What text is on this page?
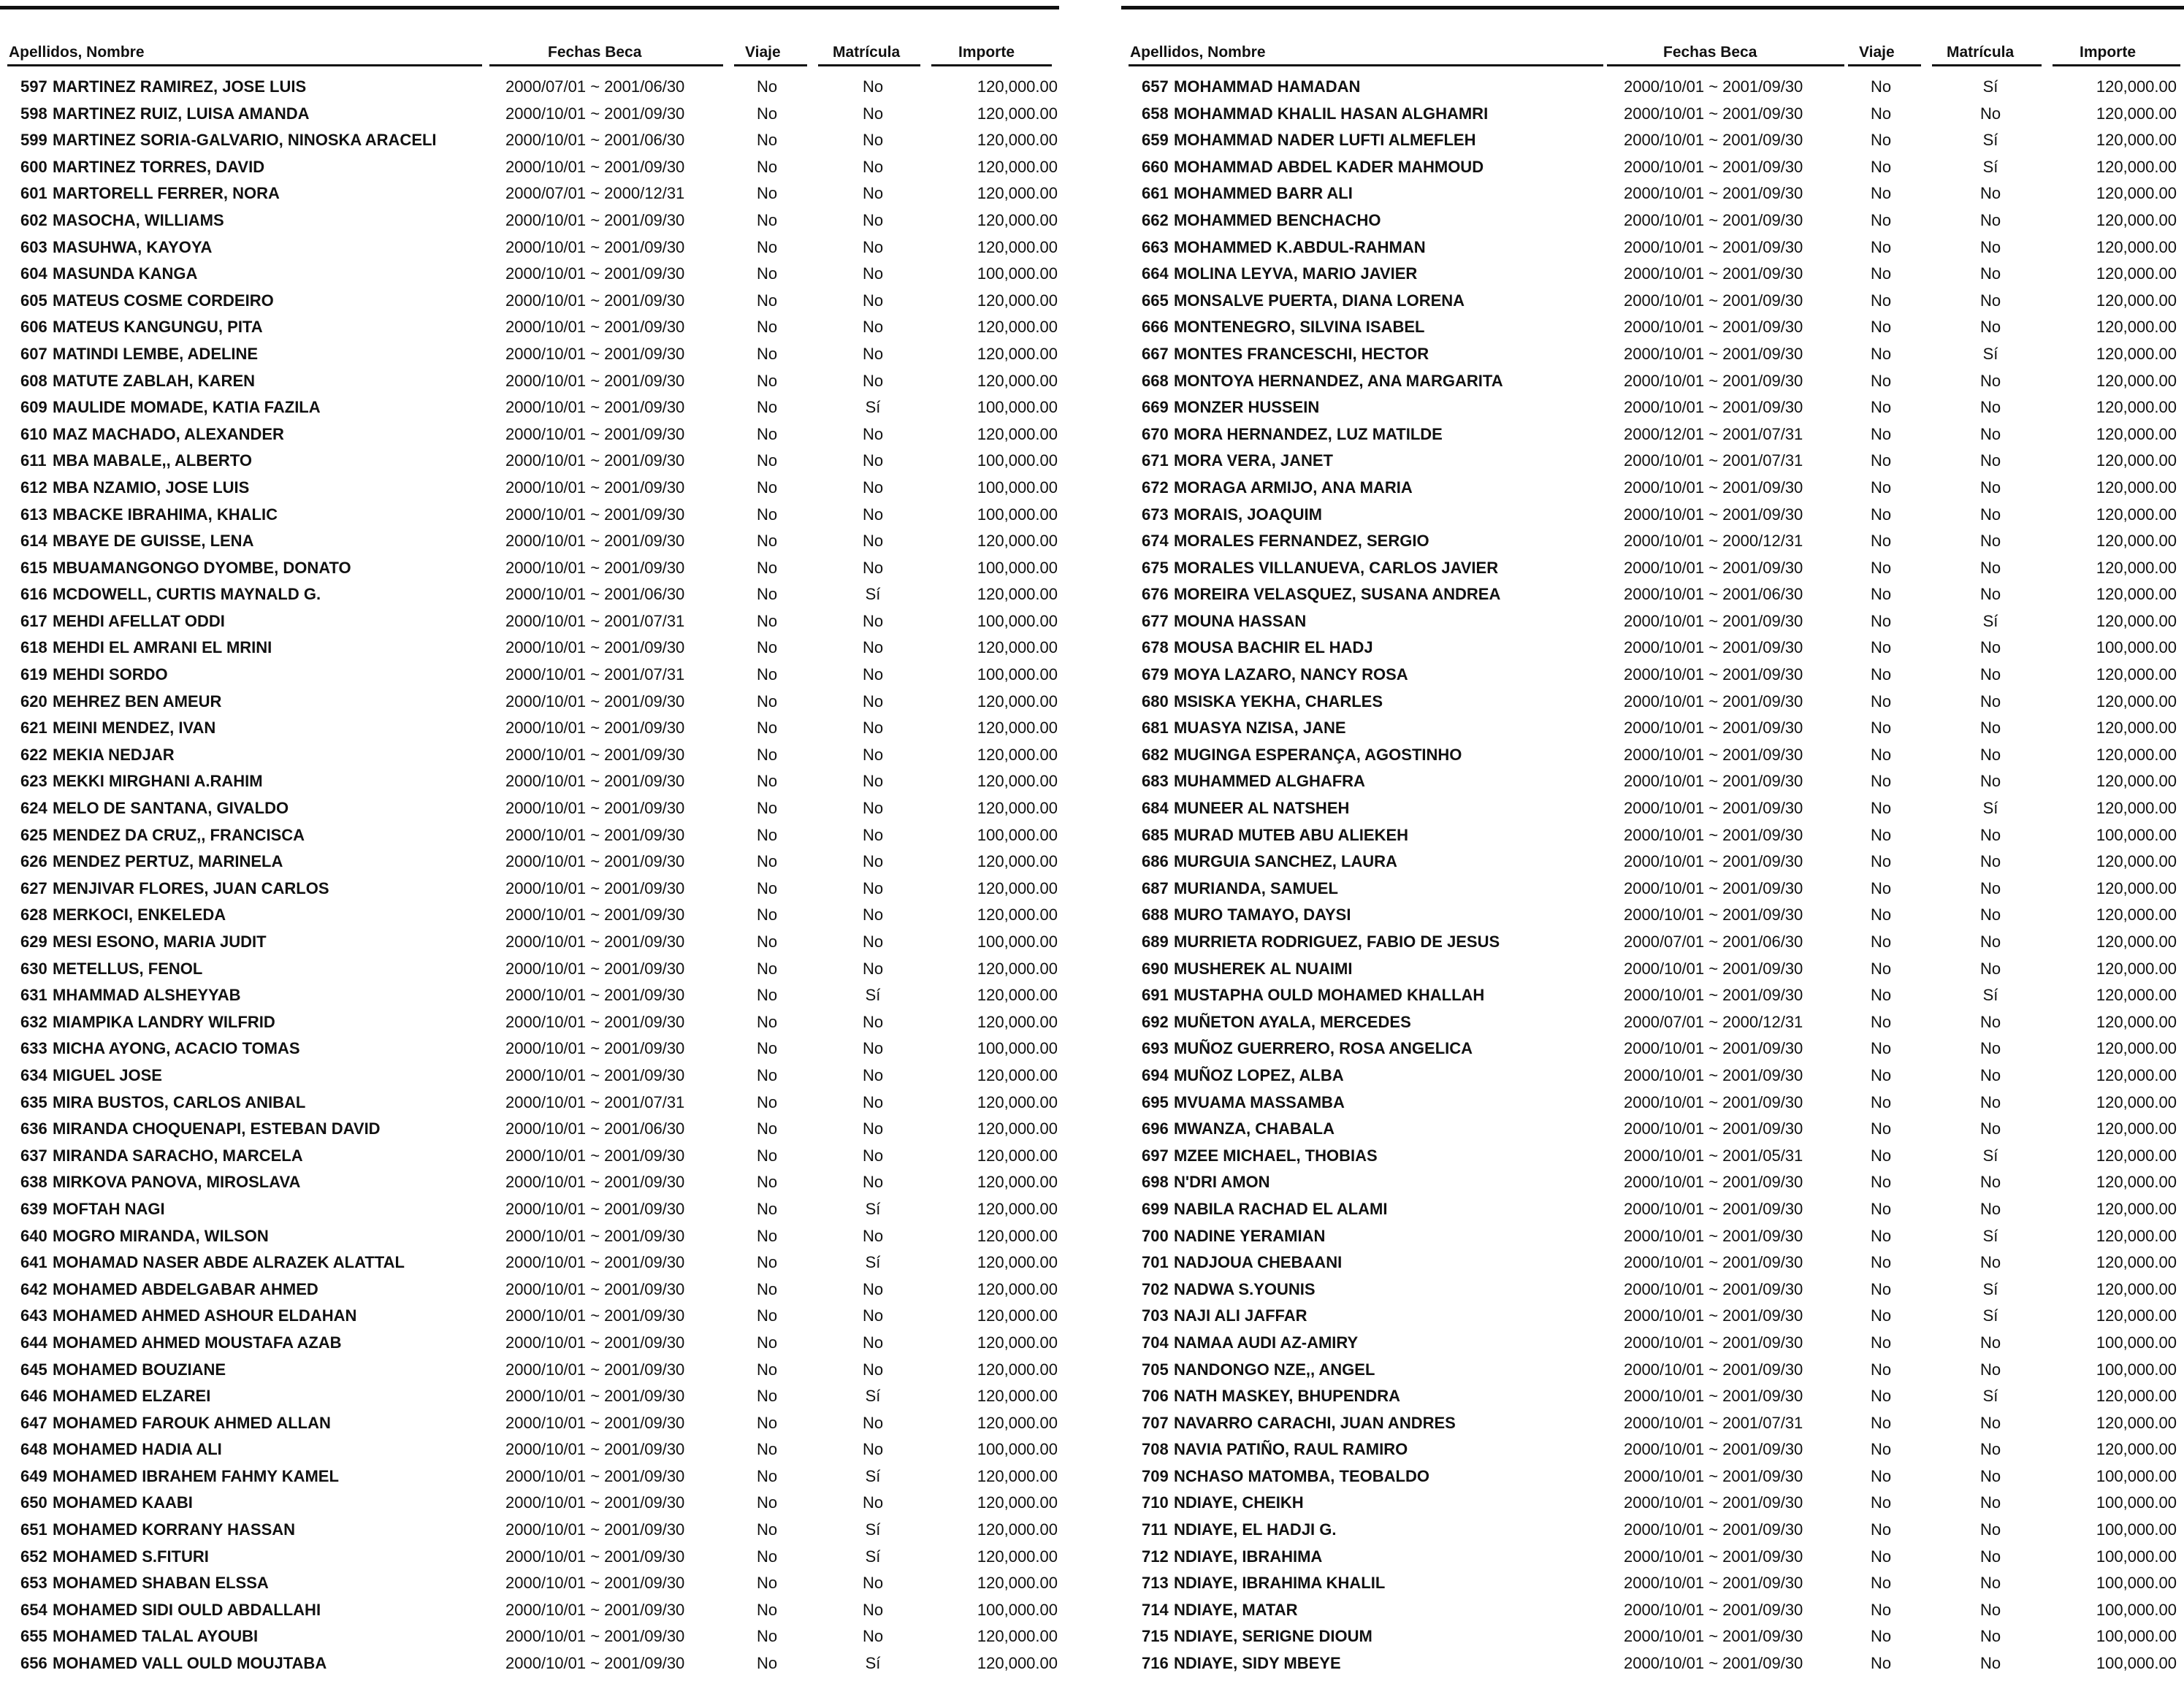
Apellidos, Nombre	Fechas Beca	Viaje	Matrícula	Importe
597 MARTINEZ RAMIREZ, JOSE LUIS	2000/07/01 ~ 2001/06/30	No	No	120,000.00
598 MARTINEZ RUIZ, LUISA AMANDA	2000/10/01 ~ 2001/09/30	No	No	120,000.00
599 MARTINEZ SORIA-GALVARIO, NINOSKA ARACELI	2000/10/01 ~ 2001/06/30	No	No	120,000.00
600 MARTINEZ TORRES, DAVID	2000/10/01 ~ 2001/09/30	No	No	120,000.00
601 MARTORELL FERRER, NORA	2000/07/01 ~ 2000/12/31	No	No	120,000.00
602 MASOCHA, WILLIAMS	2000/10/01 ~ 2001/09/30	No	No	120,000.00
603 MASUHWA, KAYOYA	2000/10/01 ~ 2001/09/30	No	No	120,000.00
604 MASUNDA KANGA	2000/10/01 ~ 2001/09/30	No	No	100,000.00
605 MATEUS COSME CORDEIRO	2000/10/01 ~ 2001/09/30	No	No	120,000.00
606 MATEUS KANGUNGU, PITA	2000/10/01 ~ 2001/09/30	No	No	120,000.00
607 MATINDI LEMBE, ADELINE	2000/10/01 ~ 2001/09/30	No	No	120,000.00
608 MATUTE ZABLAH, KAREN	2000/10/01 ~ 2001/09/30	No	No	120,000.00
609 MAULIDE MOMADE, KATIA FAZILA	2000/10/01 ~ 2001/09/30	No	Sí	100,000.00
610 MAZ MACHADO, ALEXANDER	2000/10/01 ~ 2001/09/30	No	No	120,000.00
611 MBA MABALE,, ALBERTO	2000/10/01 ~ 2001/09/30	No	No	100,000.00
612 MBA NZAMIO, JOSE LUIS	2000/10/01 ~ 2001/09/30	No	No	100,000.00
613 MBACKE IBRAHIMA, KHALIC	2000/10/01 ~ 2001/09/30	No	No	100,000.00
614 MBAYE DE GUISSE, LENA	2000/10/01 ~ 2001/09/30	No	No	120,000.00
615 MBUAMANGONGO DYOMBE, DONATO	2000/10/01 ~ 2001/09/30	No	No	100,000.00
616 MCDOWELL, CURTIS MAYNALD G.	2000/10/01 ~ 2001/06/30	No	Sí	120,000.00
617 MEHDI AFELLAT ODDI	2000/10/01 ~ 2001/07/31	No	No	100,000.00
618 MEHDI EL AMRANI EL MRINI	2000/10/01 ~ 2001/09/30	No	No	120,000.00
619 MEHDI SORDO	2000/10/01 ~ 2001/07/31	No	No	100,000.00
620 MEHREZ BEN AMEUR	2000/10/01 ~ 2001/09/30	No	No	120,000.00
621 MEINI MENDEZ, IVAN	2000/10/01 ~ 2001/09/30	No	No	120,000.00
622 MEKIA NEDJAR	2000/10/01 ~ 2001/09/30	No	No	120,000.00
623 MEKKI MIRGHANI A.RAHIM	2000/10/01 ~ 2001/09/30	No	No	120,000.00
624 MELO DE SANTANA, GIVALDO	2000/10/01 ~ 2001/09/30	No	No	120,000.00
625 MENDEZ DA CRUZ,, FRANCISCA	2000/10/01 ~ 2001/09/30	No	No	100,000.00
626 MENDEZ PERTUZ, MARINELA	2000/10/01 ~ 2001/09/30	No	No	120,000.00
627 MENJIVAR FLORES, JUAN CARLOS	2000/10/01 ~ 2001/09/30	No	No	120,000.00
628 MERKOCI, ENKELEDA	2000/10/01 ~ 2001/09/30	No	No	120,000.00
629 MESI ESONO, MARIA JUDIT	2000/10/01 ~ 2001/09/30	No	No	100,000.00
630 METELLUS, FENOL	2000/10/01 ~ 2001/09/30	No	No	120,000.00
631 MHAMMAD ALSHEYYAB	2000/10/01 ~ 2001/09/30	No	Sí	120,000.00
632 MIAMPIKA LANDRY WILFRID	2000/10/01 ~ 2001/09/30	No	No	120,000.00
633 MICHA AYONG, ACACIO TOMAS	2000/10/01 ~ 2001/09/30	No	No	100,000.00
634 MIGUEL JOSE	2000/10/01 ~ 2001/09/30	No	No	120,000.00
635 MIRA BUSTOS, CARLOS ANIBAL	2000/10/01 ~ 2001/07/31	No	No	120,000.00
636 MIRANDA CHOQUENAPI, ESTEBAN DAVID	2000/10/01 ~ 2001/06/30	No	No	120,000.00
637 MIRANDA SARACHO, MARCELA	2000/10/01 ~ 2001/09/30	No	No	120,000.00
638 MIRKOVA PANOVA, MIROSLAVA	2000/10/01 ~ 2001/09/30	No	No	120,000.00
639 MOFTAH NAGI	2000/10/01 ~ 2001/09/30	No	Sí	120,000.00
640 MOGRO MIRANDA, WILSON	2000/10/01 ~ 2001/09/30	No	No	120,000.00
641 MOHAMAD NASER ABDE ALRAZEK ALATTAL	2000/10/01 ~ 2001/09/30	No	Sí	120,000.00
642 MOHAMED ABDELGABAR AHMED	2000/10/01 ~ 2001/09/30	No	No	120,000.00
643 MOHAMED AHMED ASHOUR ELDAHAN	2000/10/01 ~ 2001/09/30	No	No	120,000.00
644 MOHAMED AHMED MOUSTAFA AZAB	2000/10/01 ~ 2001/09/30	No	No	120,000.00
645 MOHAMED BOUZIANE	2000/10/01 ~ 2001/09/30	No	No	120,000.00
646 MOHAMED ELZAREI	2000/10/01 ~ 2001/09/30	No	Sí	120,000.00
647 MOHAMED FAROUK AHMED ALLAN	2000/10/01 ~ 2001/09/30	No	No	120,000.00
648 MOHAMED HADIA ALI	2000/10/01 ~ 2001/09/30	No	No	100,000.00
649 MOHAMED IBRAHEM FAHMY KAMEL	2000/10/01 ~ 2001/09/30	No	Sí	120,000.00
650 MOHAMED KAABI	2000/10/01 ~ 2001/09/30	No	No	120,000.00
651 MOHAMED KORRANY HASSAN	2000/10/01 ~ 2001/09/30	No	Sí	120,000.00
652 MOHAMED S.FITURI	2000/10/01 ~ 2001/09/30	No	Sí	120,000.00
653 MOHAMED SHABAN ELSSA	2000/10/01 ~ 2001/09/30	No	No	120,000.00
654 MOHAMED SIDI OULD ABDALLAHI	2000/10/01 ~ 2001/09/30	No	No	100,000.00
655 MOHAMED TALAL AYOUBI	2000/10/01 ~ 2001/09/30	No	No	120,000.00
656 MOHAMED VALL OULD MOUJTABA	2000/10/01 ~ 2001/09/30	No	Sí	120,000.00
Apellidos, Nombre	Fechas Beca	Viaje	Matrícula	Importe
657 MOHAMMAD HAMADAN	2000/10/01 ~ 2001/09/30	No	Sí	120,000.00
658 MOHAMMAD KHALIL HASAN ALGHAMRI	2000/10/01 ~ 2001/09/30	No	No	120,000.00
659 MOHAMMAD NADER LUFTI ALMEFLEH	2000/10/01 ~ 2001/09/30	No	Sí	120,000.00
660 MOHAMMAD ABDEL KADER MAHMOUD	2000/10/01 ~ 2001/09/30	No	Sí	120,000.00
661 MOHAMMED BARR ALI	2000/10/01 ~ 2001/09/30	No	No	120,000.00
662 MOHAMMED BENCHACHO	2000/10/01 ~ 2001/09/30	No	No	120,000.00
663 MOHAMMED K.ABDUL-RAHMAN	2000/10/01 ~ 2001/09/30	No	No	120,000.00
664 MOLINA LEYVA, MARIO JAVIER	2000/10/01 ~ 2001/09/30	No	No	120,000.00
665 MONSALVE PUERTA, DIANA LORENA	2000/10/01 ~ 2001/09/30	No	No	120,000.00
666 MONTENEGRO, SILVINA ISABEL	2000/10/01 ~ 2001/09/30	No	No	120,000.00
667 MONTES FRANCESCHI, HECTOR	2000/10/01 ~ 2001/09/30	No	Sí	120,000.00
668 MONTOYA HERNANDEZ, ANA MARGARITA	2000/10/01 ~ 2001/09/30	No	No	120,000.00
669 MONZER HUSSEIN	2000/10/01 ~ 2001/09/30	No	No	120,000.00
670 MORA HERNANDEZ, LUZ MATILDE	2000/12/01 ~ 2001/07/31	No	No	120,000.00
671 MORA VERA, JANET	2000/10/01 ~ 2001/07/31	No	No	120,000.00
672 MORAGA ARMIJO, ANA MARIA	2000/10/01 ~ 2001/09/30	No	No	120,000.00
673 MORAIS, JOAQUIM	2000/10/01 ~ 2001/09/30	No	No	120,000.00
674 MORALES FERNANDEZ, SERGIO	2000/10/01 ~ 2000/12/31	No	No	120,000.00
675 MORALES VILLANUEVA, CARLOS JAVIER	2000/10/01 ~ 2001/09/30	No	No	120,000.00
676 MOREIRA VELASQUEZ, SUSANA ANDREA	2000/10/01 ~ 2001/06/30	No	No	120,000.00
677 MOUNA HASSAN	2000/10/01 ~ 2001/09/30	No	Sí	120,000.00
678 MOUSA BACHIR EL HADJ	2000/10/01 ~ 2001/09/30	No	No	100,000.00
679 MOYA LAZARO, NANCY ROSA	2000/10/01 ~ 2001/09/30	No	No	120,000.00
680 MSISKA YEKHA, CHARLES	2000/10/01 ~ 2001/09/30	No	No	120,000.00
681 MUASYA NZISA, JANE	2000/10/01 ~ 2001/09/30	No	No	120,000.00
682 MUGINGA ESPERANÇA, AGOSTINHO	2000/10/01 ~ 2001/09/30	No	No	120,000.00
683 MUHAMMED ALGHAFRA	2000/10/01 ~ 2001/09/30	No	No	120,000.00
684 MUNEER AL NATSHEH	2000/10/01 ~ 2001/09/30	No	Sí	120,000.00
685 MURAD MUTEB ABU ALIEKEH	2000/10/01 ~ 2001/09/30	No	No	100,000.00
686 MURGUIA SANCHEZ, LAURA	2000/10/01 ~ 2001/09/30	No	No	120,000.00
687 MURIANDA, SAMUEL	2000/10/01 ~ 2001/09/30	No	No	120,000.00
688 MURO TAMAYO, DAYSI	2000/10/01 ~ 2001/09/30	No	No	120,000.00
689 MURRIETA RODRIGUEZ, FABIO DE JESUS	2000/07/01 ~ 2001/06/30	No	No	120,000.00
690 MUSHEREK AL NUAIMI	2000/10/01 ~ 2001/09/30	No	No	120,000.00
691 MUSTAPHA OULD MOHAMED KHALLAH	2000/10/01 ~ 2001/09/30	No	Sí	120,000.00
692 MUÑETON AYALA, MERCEDES	2000/07/01 ~ 2000/12/31	No	No	120,000.00
693 MUÑOZ GUERRERO, ROSA ANGELICA	2000/10/01 ~ 2001/09/30	No	No	120,000.00
694 MUÑOZ LOPEZ, ALBA	2000/10/01 ~ 2001/09/30	No	No	120,000.00
695 MVUAMA MASSAMBA	2000/10/01 ~ 2001/09/30	No	No	120,000.00
696 MWANZA, CHABALA	2000/10/01 ~ 2001/09/30	No	No	120,000.00
697 MZEE MICHAEL, THOBIAS	2000/10/01 ~ 2001/05/31	No	Sí	120,000.00
698 N'DRI AMON	2000/10/01 ~ 2001/09/30	No	No	120,000.00
699 NABILA RACHAD EL ALAMI	2000/10/01 ~ 2001/09/30	No	No	120,000.00
700 NADINE YERAMIAN	2000/10/01 ~ 2001/09/30	No	Sí	120,000.00
701 NADJOUA CHEBAANI	2000/10/01 ~ 2001/09/30	No	No	120,000.00
702 NADWA S.YOUNIS	2000/10/01 ~ 2001/09/30	No	Sí	120,000.00
703 NAJI ALI JAFFAR	2000/10/01 ~ 2001/09/30	No	Sí	120,000.00
704 NAMAA AUDI AZ-AMIRY	2000/10/01 ~ 2001/09/30	No	No	100,000.00
705 NANDONGO NZE,, ANGEL	2000/10/01 ~ 2001/09/30	No	No	100,000.00
706 NATH MASKEY, BHUPENDRA	2000/10/01 ~ 2001/09/30	No	Sí	120,000.00
707 NAVARRO CARACHI, JUAN ANDRES	2000/10/01 ~ 2001/07/31	No	No	120,000.00
708 NAVIA PATIÑO, RAUL RAMIRO	2000/10/01 ~ 2001/09/30	No	No	120,000.00
709 NCHASO MATOMBA, TEOBALDO	2000/10/01 ~ 2001/09/30	No	No	100,000.00
710 NDIAYE, CHEIKH	2000/10/01 ~ 2001/09/30	No	No	100,000.00
711 NDIAYE, EL HADJI G.	2000/10/01 ~ 2001/09/30	No	No	100,000.00
712 NDIAYE, IBRAHIMA	2000/10/01 ~ 2001/09/30	No	No	100,000.00
713 NDIAYE, IBRAHIMA KHALIL	2000/10/01 ~ 2001/09/30	No	No	100,000.00
714 NDIAYE, MATAR	2000/10/01 ~ 2001/09/30	No	No	100,000.00
715 NDIAYE, SERIGNE DIOUM	2000/10/01 ~ 2001/09/30	No	No	100,000.00
716 NDIAYE, SIDY MBEYE	2000/10/01 ~ 2001/09/30	No	No	100,000.00
